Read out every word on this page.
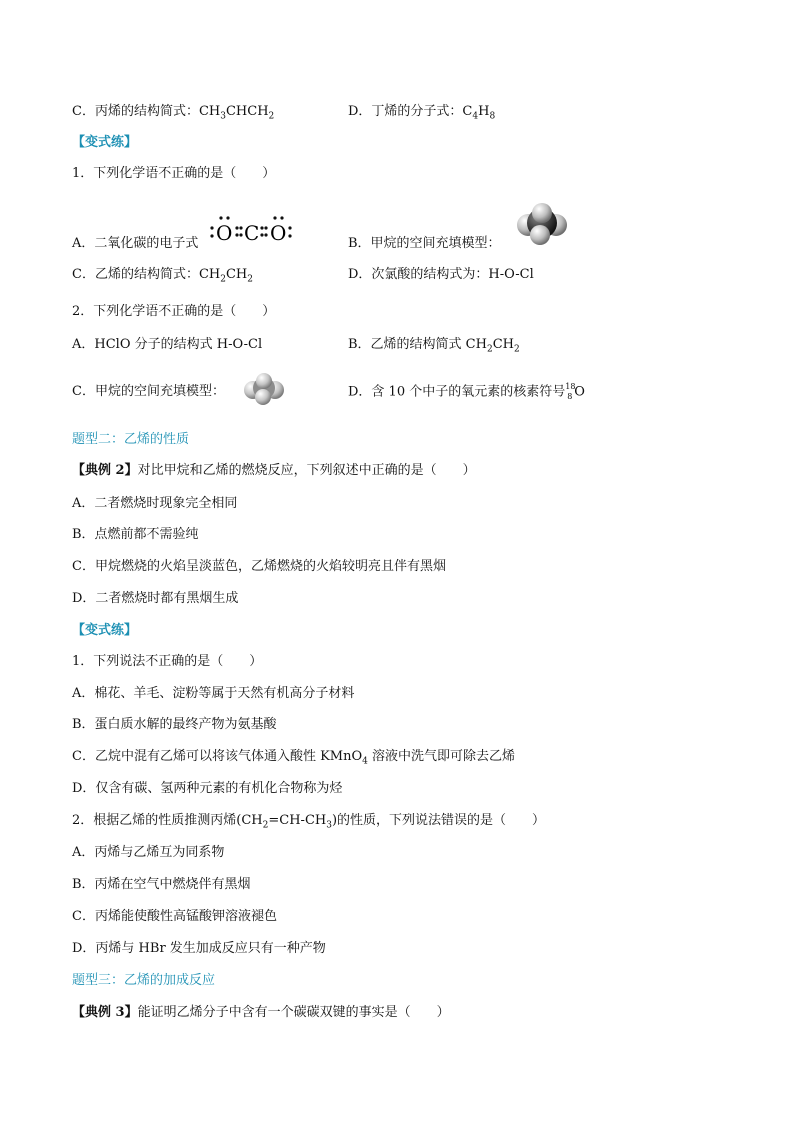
C．丙烯的结构简式：$CH_3CHCH_2$	D．丁烯的分子式：$C_4H_8$
【变式练】
1．下列化学语不正确的是（　　）
A．二氧化碳的电子式 O C O	B．甲烷的空间充填模型：
C．乙烯的结构简式：$CH_2CH_2$	D．次氯酸的结构式为：H-O-Cl
2．下列化学语不正确的是（　　）
A．HClO 分子的结构式 H-O-Cl	B．乙烯的结构简式 $CH_2CH_2$
C．甲烷的空间充填模型：	D．含 10 个中子的氧元素的核素符号 18
8 O
题型二：乙烯的性质
【典例 2】对比甲烷和乙烯的燃烧反应，下列叙述中正确的是（　　）
A．二者燃烧时现象完全相同
B．点燃前都不需验纯
C．甲烷燃烧的火焰呈淡蓝色，乙烯燃烧的火焰较明亮且伴有黑烟
D．二者燃烧时都有黑烟生成
【变式练】
1．下列说法不正确的是（　　）
A．棉花、羊毛、淀粉等属于天然有机高分子材料
B．蛋白质水解的最终产物为氨基酸
C．乙烷中混有乙烯可以将该气体通入酸性 KMnO$_4$ 溶液中洗气即可除去乙烯
D．仅含有碳、氢两种元素的有机化合物称为烃
2．根据乙烯的性质推测丙烯$(CH_2=CH-CH_3)$的性质，下列说法错误的是（　　）
A．丙烯与乙烯互为同系物
B．丙烯在空气中燃烧伴有黑烟
C．丙烯能使酸性高锰酸钾溶液褪色
D．丙烯与 HBr 发生加成反应只有一种产物
题型三：乙烯的加成反应
【典例 3】能证明乙烯分子中含有一个碳碳双键的事实是（　　）
